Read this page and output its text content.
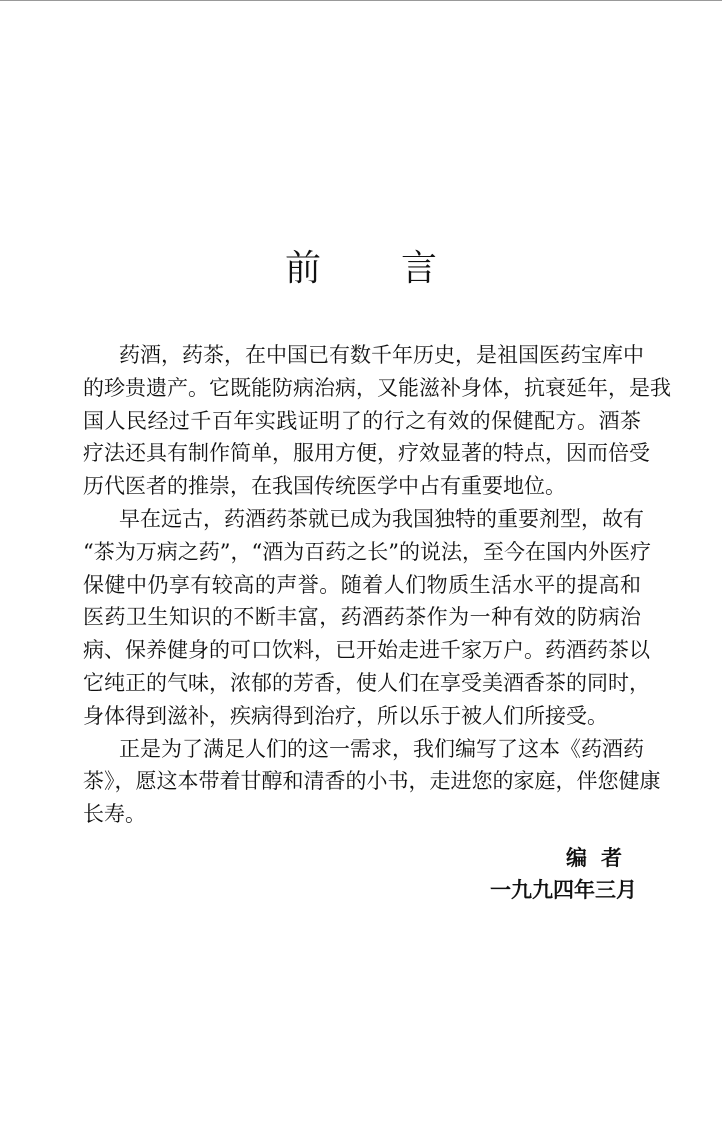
前 言
药酒，药茶，在中国已有数千年历史，是祖国医药宝库中
的珍贵遗产。它既能防病治病，又能滋补身体，抗衰延年，是我
国人民经过千百年实践证明了的行之有效的保健配方。酒茶
疗法还具有制作简单，服用方便，疗效显著的特点，因而倍受
历代医者的推崇，在我国传统医学中占有重要地位。
早在远古，药酒药茶就已成为我国独特的重要剂型，故有
“茶为万病之药”，“酒为百药之长”的说法，至今在国内外医疗
保健中仍享有较高的声誉。随着人们物质生活水平的提高和
医药卫生知识的不断丰富，药酒药茶作为一种有效的防病治
病、保养健身的可口饮料，已开始走进千家万户。药酒药茶以
它纯正的气味，浓郁的芳香，使人们在享受美酒香茶的同时，
身体得到滋补，疾病得到治疗，所以乐于被人们所接受。
正是为了满足人们的这一需求，我们编写了这本《药酒药
茶》，愿这本带着甘醇和清香的小书，走进您的家庭，伴您健康
长寿。
编者
一九九四年三月
